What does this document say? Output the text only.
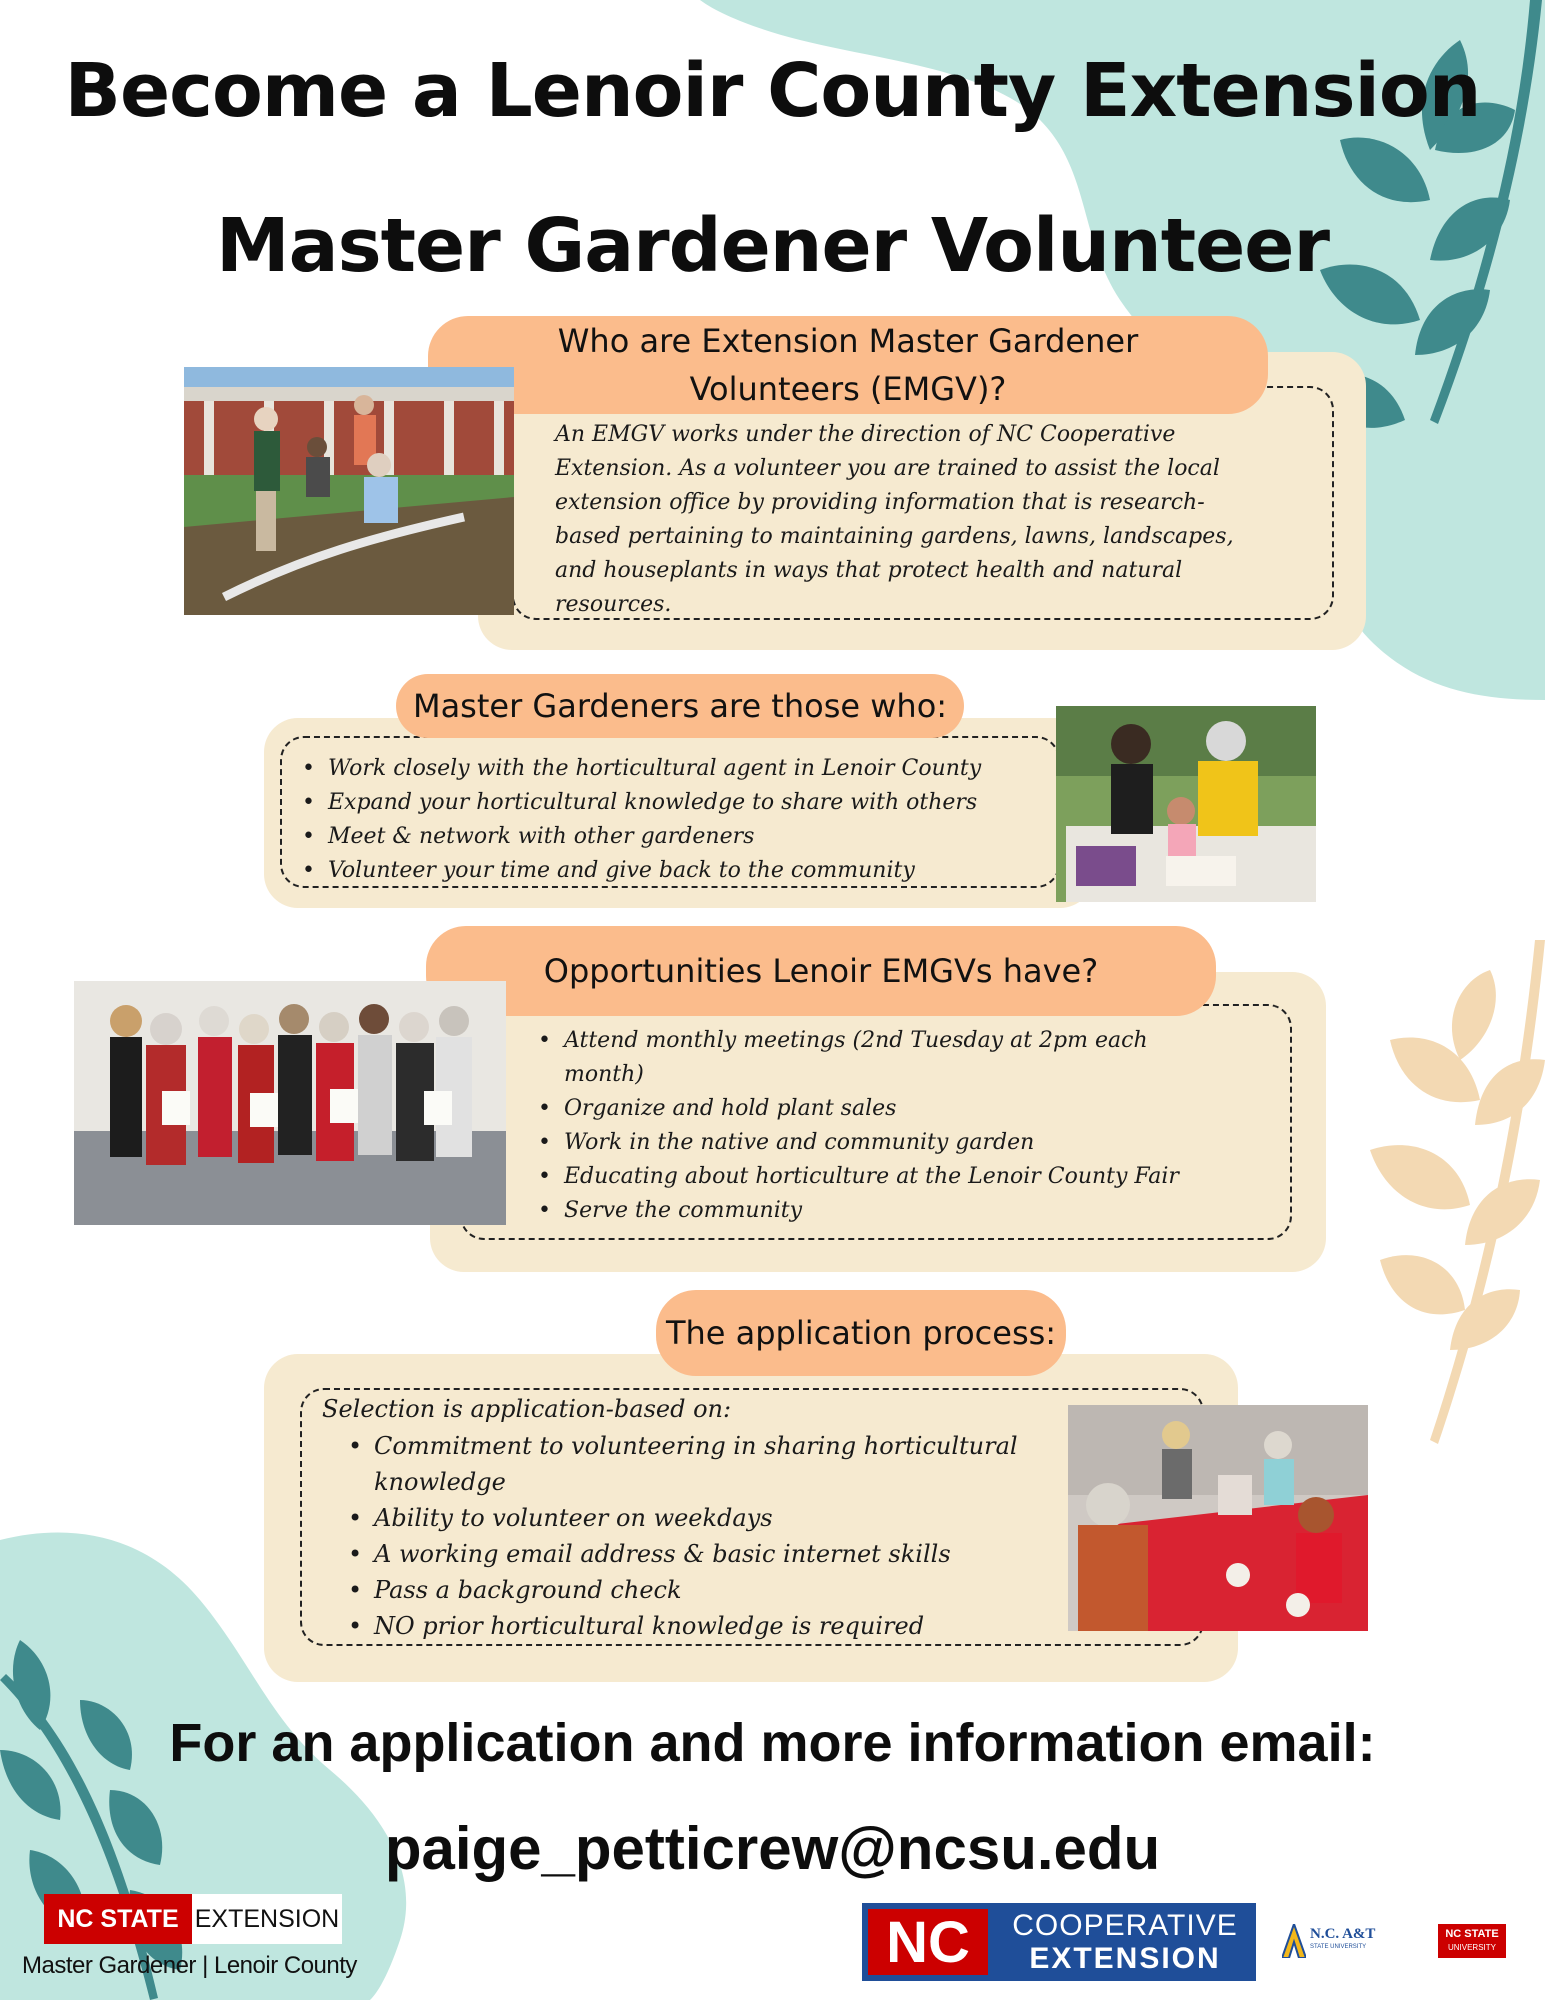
Become a Lenoir County Extension
Master Gardener Volunteer
Who are Extension Master Gardener
Volunteers (EMGV)?
An EMGV works under the direction of NC Cooperative
Extension. As a volunteer you are trained to assist the local
extension office by providing information that is research-
based pertaining to maintaining gardens, lawns, landscapes,
and houseplants in ways that protect health and natural
resources.
Master Gardeners are those who:
• Work closely with the horticultural agent in Lenoir County
• Expand your horticultural knowledge to share with others
• Meet & network with other gardeners
• Volunteer your time and give back to the community
Opportunities Lenoir EMGVs have?
• Attend monthly meetings (2nd Tuesday at 2pm each month)
• Organize and hold plant sales
• Work in the native and community garden
• Educating about horticulture at the Lenoir County Fair
• Serve the community
The application process:
Selection is application-based on:
• Commitment to volunteering in sharing horticultural knowledge
• Ability to volunteer on weekdays
• A working email address & basic internet skills
• Pass a background check
• NO prior horticultural knowledge is required
For an application and more information email:
paige_petticrew@ncsu.edu
NC STATE EXTENSION
Master Gardener | Lenoir County	NC	COOPERATIVE
EXTENSION
N.C. A&T
STATE UNIVERSITY
NC STATE
UNIVERSITY
